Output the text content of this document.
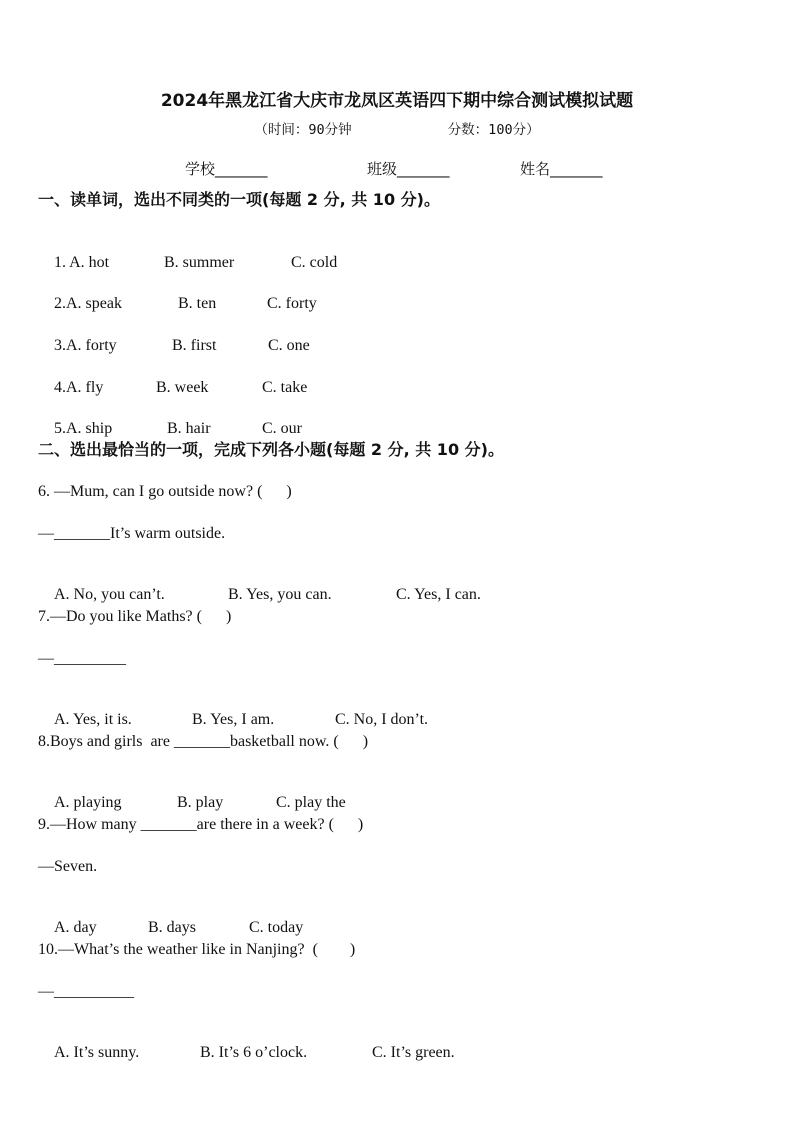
2024年黑龙江省大庆市龙凤区英语四下期中综合测试模拟试题
（时间：90分钟	分数：100分）
学校_______	班级_______	姓名_______
一、读单词，选出不同类的一项(每题 2 分, 共 10 分)。

1. A. hot	B. summer	C. cold

2.A. speak	B. ten	C. forty

3.A. forty	B. first	C. one

4.A. fly	B. week	C. take

5.A. ship	B. hair	C. our

二、选出最恰当的一项，完成下列各小题(每题 2 分, 共 10 分)。
6. —Mum, can I go outside now? (      )
—_______It’s warm outside.

A. No, you can’t.	B. Yes, you can.	C. Yes, I can.

7.—Do you like Maths? (      )
—_________

A. Yes, it is.	B. Yes, I am.	C. No, I don’t.

8.Boys and girls  are _______basketball now. (      )

A. playing	B. play	C. play the

9.—How many _______are there in a week? (      )
—Seven.

A. day	B. days	C. today

10.—What’s the weather like in Nanjing?  (        )
—__________

A. It’s sunny.	B. It’s 6 o’clock.	C. It’s green.
